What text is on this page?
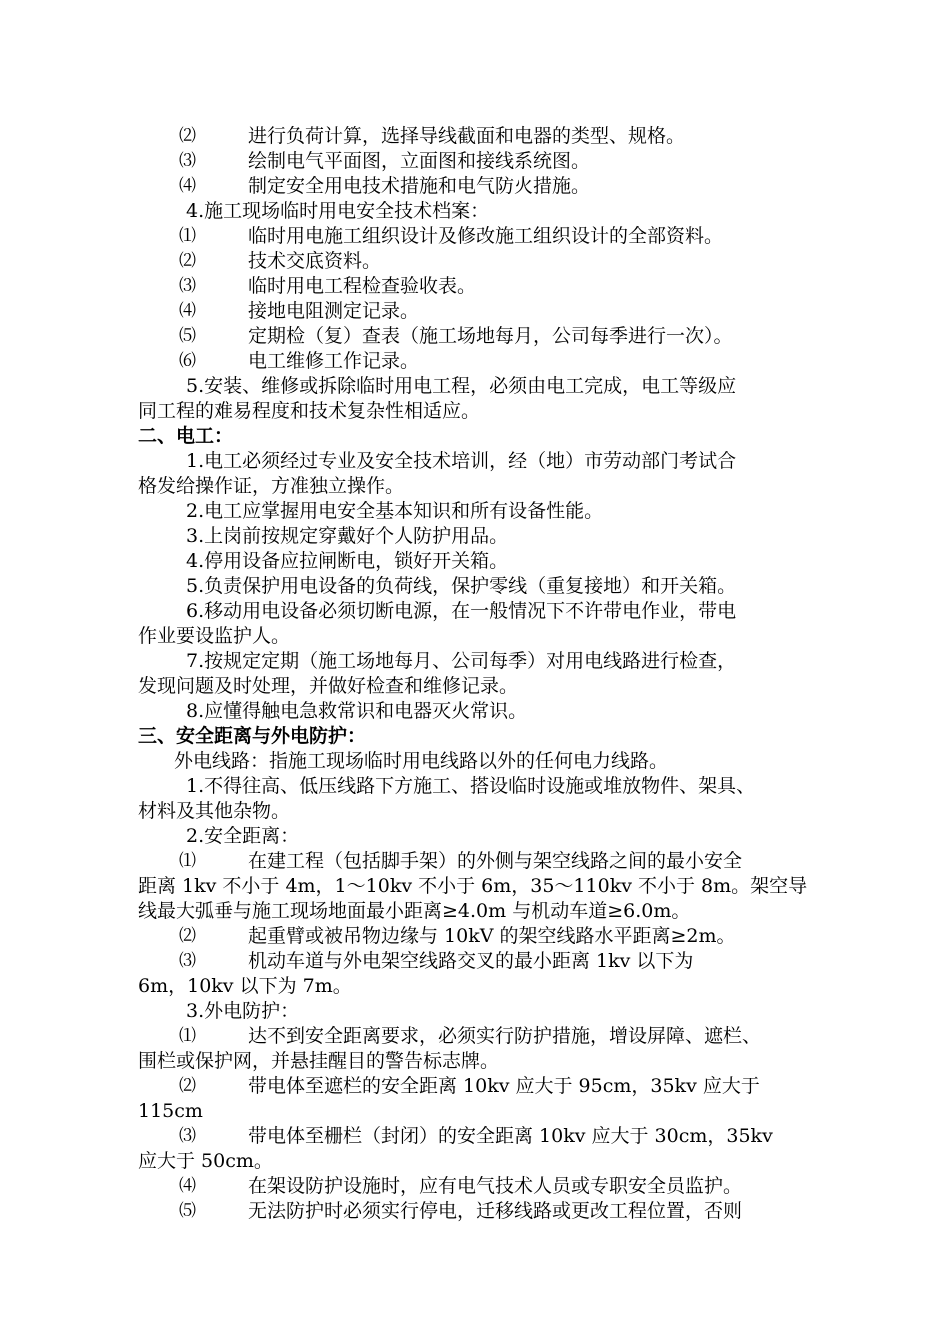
⑵	进行负荷计算，选择导线截面和电器的类型、规格。
⑶	绘制电气平面图，立面图和接线系统图。
⑷	制定安全用电技术措施和电气防火措施。
4.施工现场临时用电安全技术档案：
⑴	临时用电施工组织设计及修改施工组织设计的全部资料。
⑵	技术交底资料。
⑶	临时用电工程检查验收表。
⑷	接地电阻测定记录。
⑸	定期检（复）查表（施工场地每月，公司每季进行一次）。
⑹	电工维修工作记录。
5.安装、维修或拆除临时用电工程，必须由电工完成，电工等级应
同工程的难易程度和技术复杂性相适应。
二、电工：
1.电工必须经过专业及安全技术培训，经（地）市劳动部门考试合
格发给操作证，方准独立操作。
2.电工应掌握用电安全基本知识和所有设备性能。
3.上岗前按规定穿戴好个人防护用品。
4.停用设备应拉闸断电，锁好开关箱。
5.负责保护用电设备的负荷线，保护零线（重复接地）和开关箱。
6.移动用电设备必须切断电源，在一般情况下不许带电作业，带电
作业要设监护人。
7.按规定定期（施工场地每月、公司每季）对用电线路进行检查，
发现问题及时处理，并做好检查和维修记录。
8.应懂得触电急救常识和电器灭火常识。
三、安全距离与外电防护：
外电线路：指施工现场临时用电线路以外的任何电力线路。
1.不得往高、低压线路下方施工、搭设临时设施或堆放物件、架具、
材料及其他杂物。
2.安全距离：
⑴	在建工程（包括脚手架）的外侧与架空线路之间的最小安全
距离 1kv 不小于 4m，1～10kv 不小于 6m，35～110kv 不小于 8m。架空导
线最大弧垂与施工现场地面最小距离≥4.0m 与机动车道≥6.0m。
⑵	起重臂或被吊物边缘与 10kV 的架空线路水平距离≥2m。
⑶	机动车道与外电架空线路交叉的最小距离 1kv 以下为
6m，10kv 以下为 7m。
3.外电防护：
⑴	达不到安全距离要求，必须实行防护措施，增设屏障、遮栏、
围栏或保护网，并悬挂醒目的警告标志牌。
⑵	带电体至遮栏的安全距离 10kv 应大于 95cm，35kv 应大于
115cm
⑶	带电体至栅栏（封闭）的安全距离 10kv 应大于 30cm，35kv
应大于 50cm。
⑷	在架设防护设施时，应有电气技术人员或专职安全员监护。
⑸	无法防护时必须实行停电，迁移线路或更改工程位置，否则
